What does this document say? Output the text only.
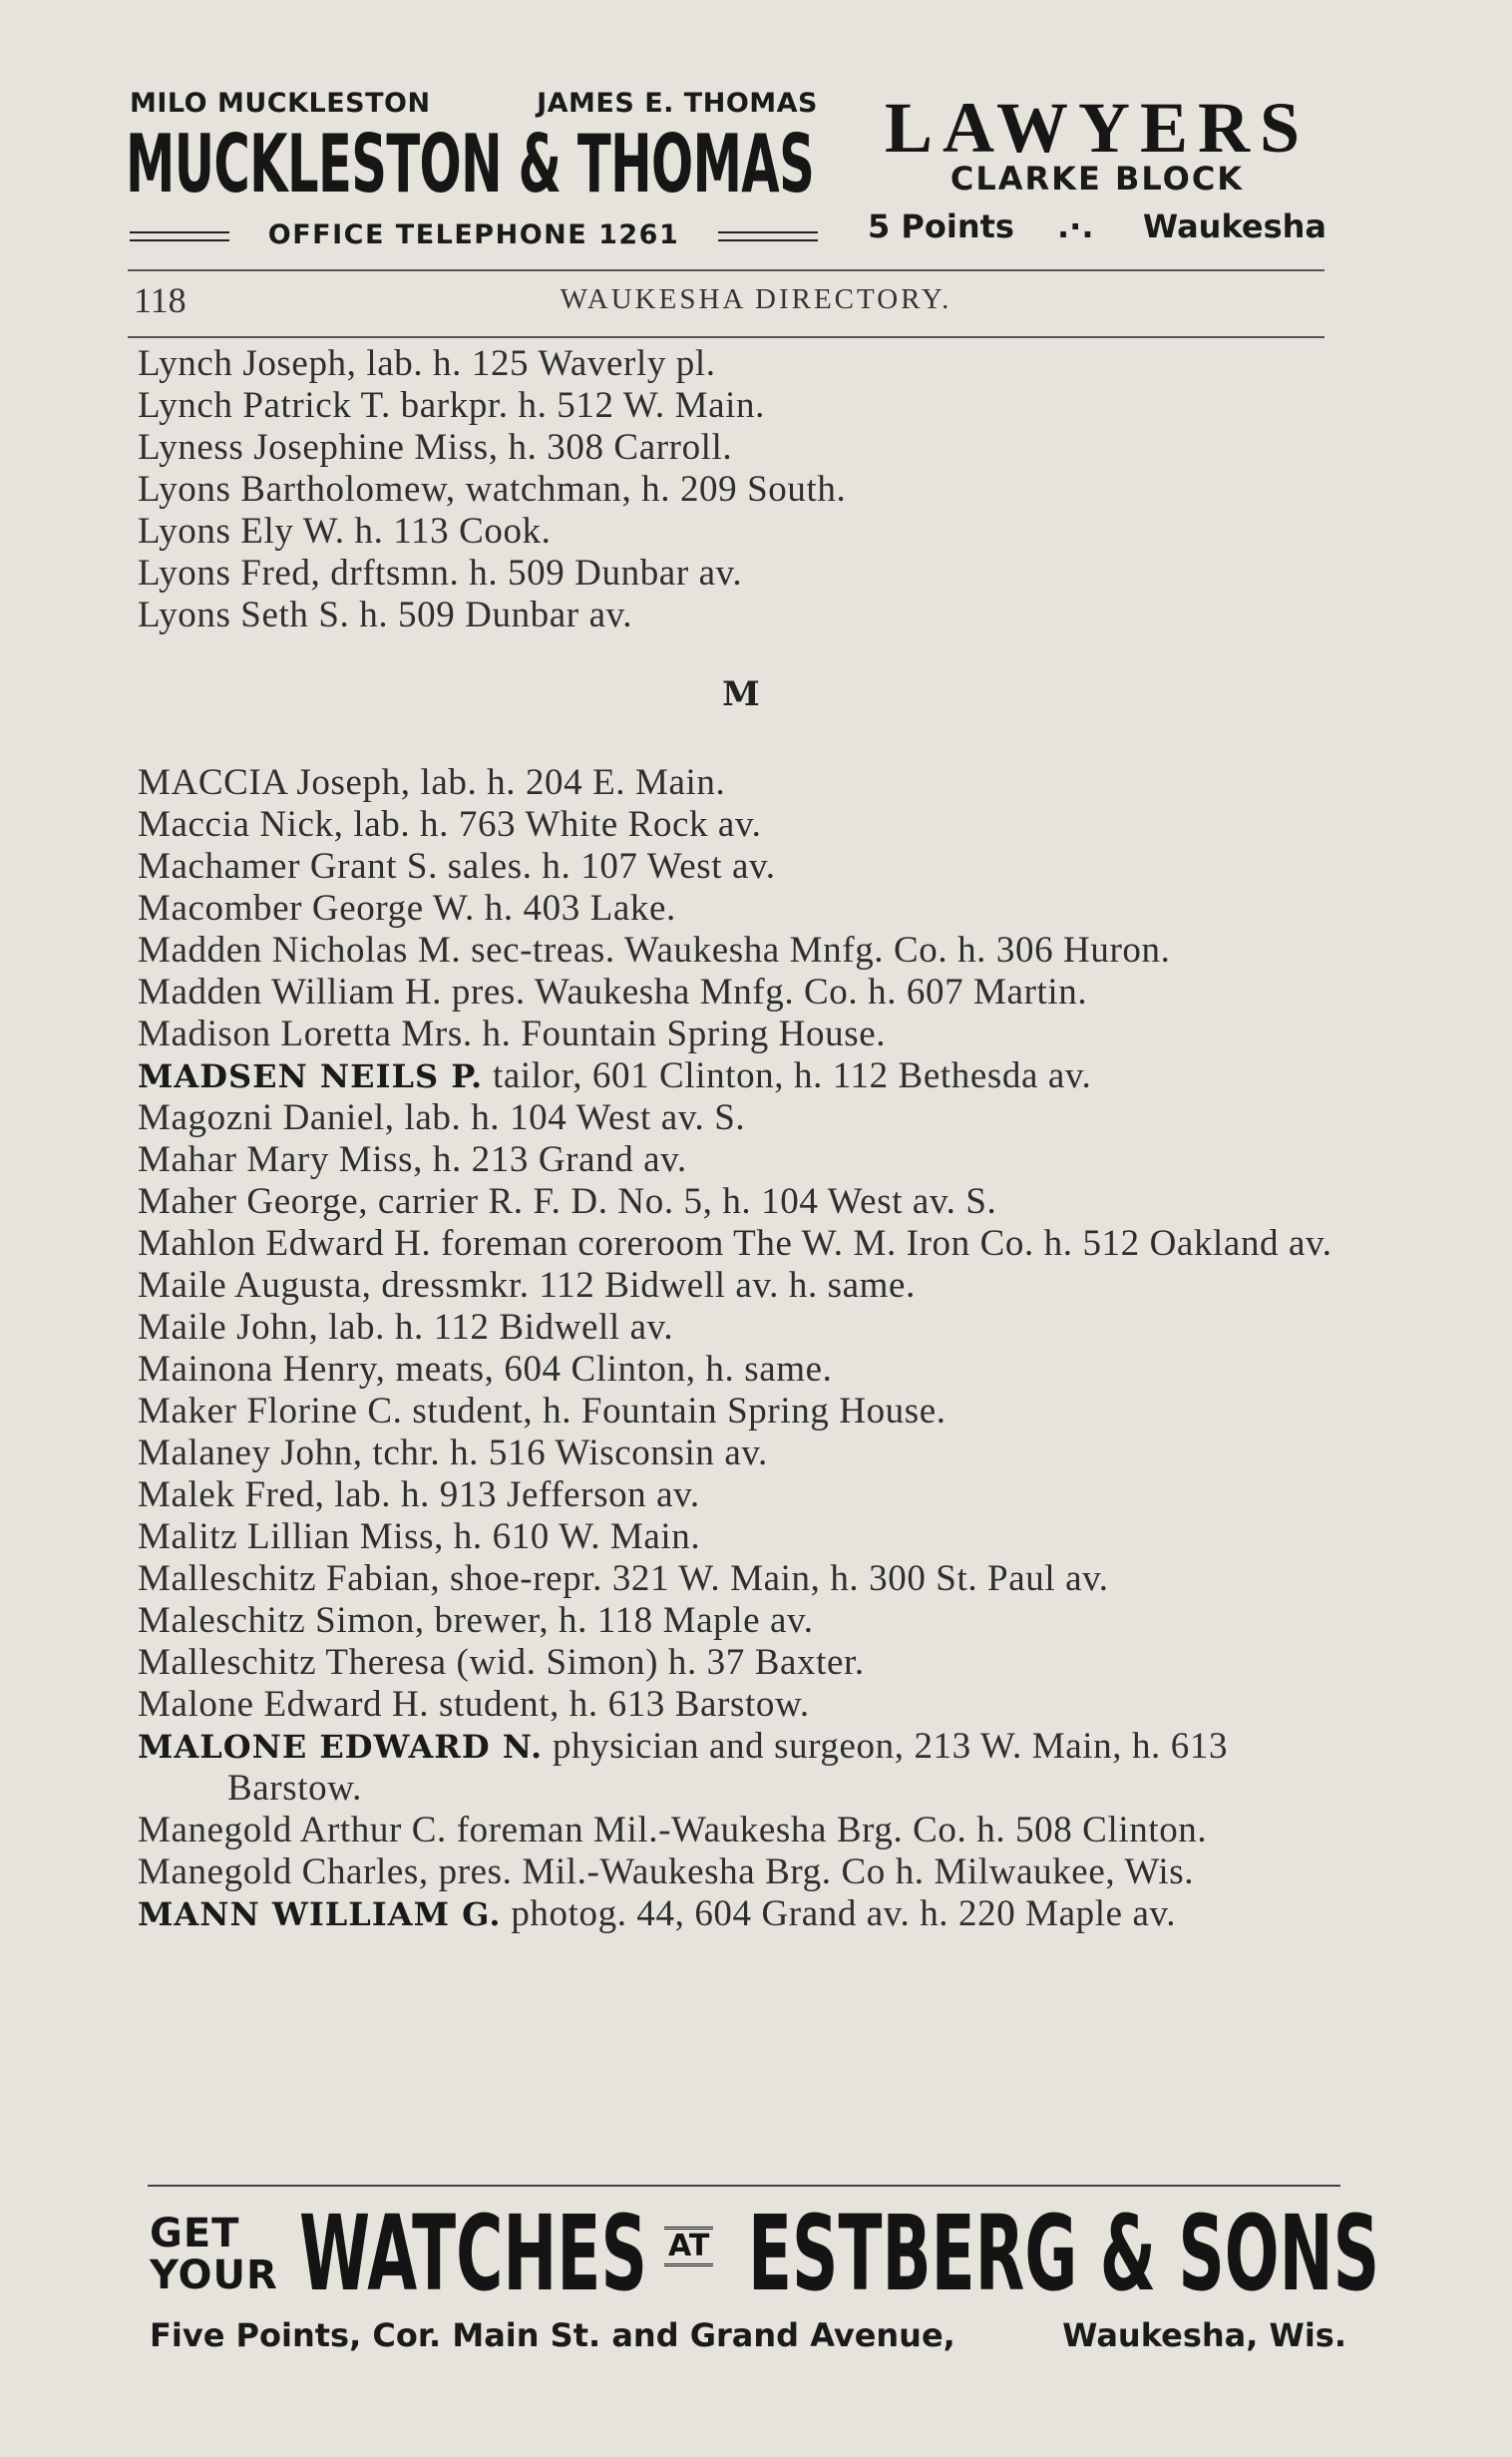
MILO MUCKLESTON	JAMES E. THOMAS
MUCKLESTON & THOMAS
OFFICE TELEPHONE 1261
LAWYERS
CLARKE BLOCK
5 Points .·. Waukesha
118	WAUKESHA DIRECTORY.
Lynch Joseph, lab. h. 125 Waverly pl.
Lynch Patrick T. barkpr. h. 512 W. Main.
Lyness Josephine Miss, h. 308 Carroll.
Lyons Bartholomew, watchman, h. 209 South.
Lyons Ely W. h. 113 Cook.
Lyons Fred, drftsmn. h. 509 Dunbar av.
Lyons Seth S. h. 509 Dunbar av.
M
MACCIA Joseph, lab. h. 204 E. Main.
Maccia Nick, lab. h. 763 White Rock av.
Machamer Grant S. sales. h. 107 West av.
Macomber George W. h. 403 Lake.
Madden Nicholas M. sec-treas. Waukesha Mnfg. Co. h. 306 Huron.
Madden William H. pres. Waukesha Mnfg. Co. h. 607 Martin.
Madison Loretta Mrs. h. Fountain Spring House.
MADSEN NEILS P. tailor, 601 Clinton, h. 112 Bethesda av.
Magozni Daniel, lab. h. 104 West av. S.
Mahar Mary Miss, h. 213 Grand av.
Maher George, carrier R. F. D. No. 5, h. 104 West av. S.
Mahlon Edward H. foreman coreroom The W. M. Iron Co. h. 512 Oakland av.
Maile Augusta, dressmkr. 112 Bidwell av. h. same.
Maile John, lab. h. 112 Bidwell av.
Mainona Henry, meats, 604 Clinton, h. same.
Maker Florine C. student, h. Fountain Spring House.
Malaney John, tchr. h. 516 Wisconsin av.
Malek Fred, lab. h. 913 Jefferson av.
Malitz Lillian Miss, h. 610 W. Main.
Malleschitz Fabian, shoe-repr. 321 W. Main, h. 300 St. Paul av.
Maleschitz Simon, brewer, h. 118 Maple av.
Malleschitz Theresa (wid. Simon) h. 37 Baxter.
Malone Edward H. student, h. 613 Barstow.
MALONE EDWARD N. physician and surgeon, 213 W. Main, h. 613 Barstow.
Manegold Arthur C. foreman Mil.-Waukesha Brg. Co. h. 508 Clinton.
Manegold Charles, pres. Mil.-Waukesha Brg. Co h. Milwaukee, Wis.
MANN WILLIAM G. photog. 44, 604 Grand av. h. 220 Maple av.
GET
YOUR WATCHES AT ESTBERG & SONS
Five Points, Cor. Main St. and Grand Avenue,	Waukesha, Wis.
